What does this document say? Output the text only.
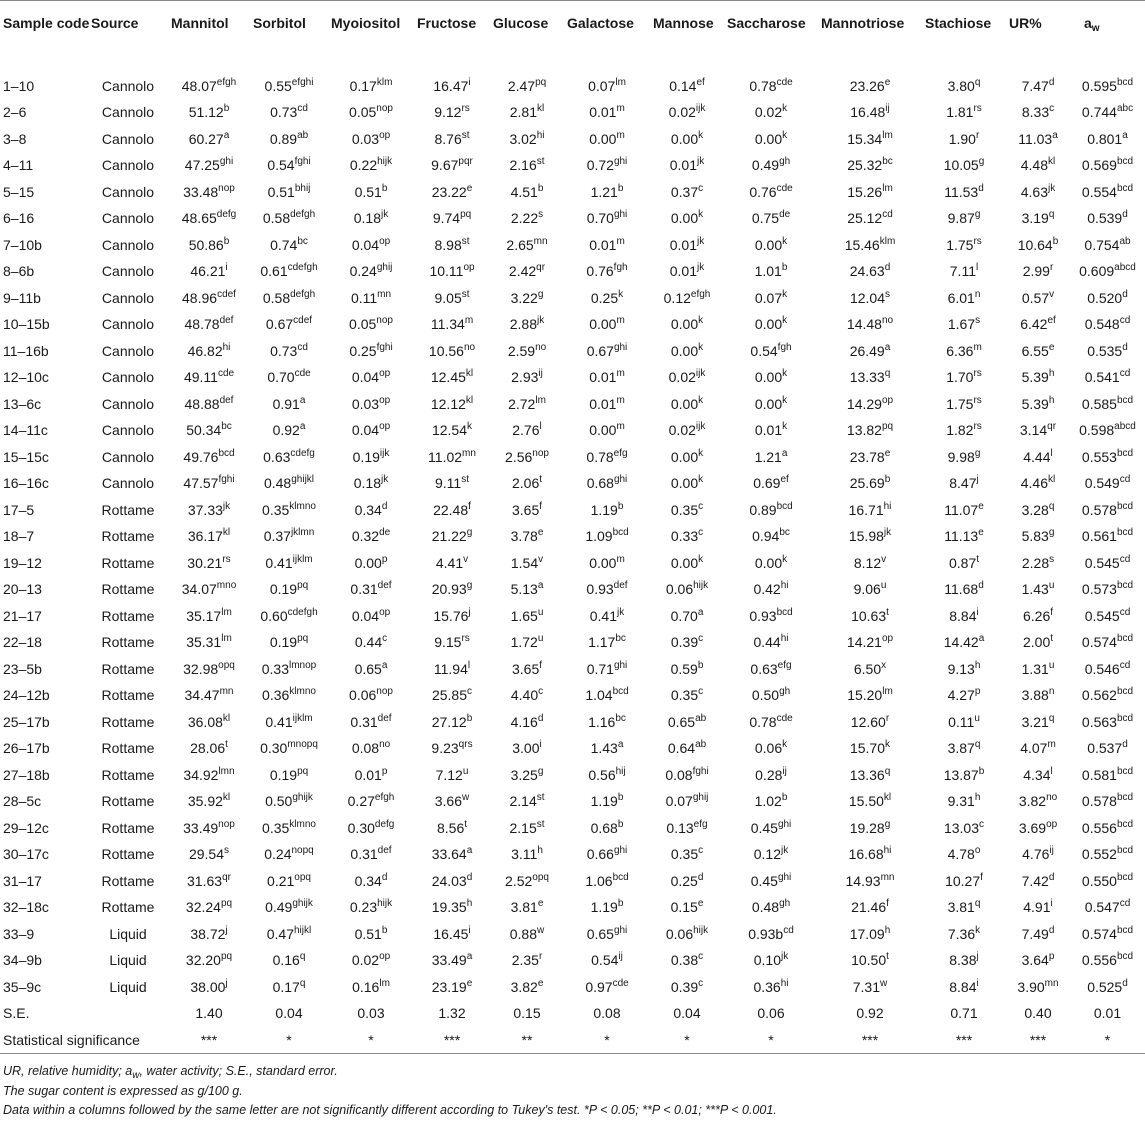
Sample code	Source	Mannitol	Sorbitol	Myoiositol	Fructose	Glucose	Galactose	Mannose	Saccharose	Mannotriose	Stachiose	UR%	$a_w$
1–10	Cannolo	$48.07^{efgh}$	$0.55^{efghi}$	$0.17^{klm}$	16.47$^i$	$2.47^{pq}$	$0.07^{lm}$	0.14$^{ef}$	0.78$^{cde}$	23.26e	3.80$^q$	7.47$^d$	0.595$^{bcd}$
2–6	Cannolo	51.12$^b$	0.73$^{cd}$	$0.05^{nop}$	$9.12^{rs}$	$2.81^{kl}$	0.01$^m$	$0.02^{ijk}$	0.02$^k$	$16.48^{ij}$	$1.81^{rs}$	8.33$^c$	0.744$^{abc}$
3–8	Cannolo	60.27$^a$	0.89$^{ab}$	$0.03^{op}$	8.76st	$3.02^{hi}$	0.00$^m$	0.00$^k$	0.00$^k$	$15.34^{lm}$	1.90$^r$	11.03$^a$	0.801$^a$
4–11	Cannolo	$47.25^{ghi}$	$0.54^{fghi}$	$0.22^{hijk}$	$9.67^{pqr}$	2.16st	$0.72^{ghi}$	$0.01^{jk}$	0.49$^{gh}$	25.32$^{bc}$	10.05$^g$	$4.48^{kl}$	0.569$^{bcd}$
5–15	Cannolo	$33.48^{nop}$	$0.51^{bhij}$	0.51$^b$	23.22e	4.51$^b$	1.21$^b$	0.37$^c$	0.76$^{cde}$	$15.26^{lm}$	11.53$^d$	$4.63^{jk}$	0.554$^{bcd}$
6–16	Cannolo	$48.65^{defg}$	$0.58^{defgh}$	$0.18^{jk}$	$9.74^{pq}$	2.22$^s$	$0.70^{ghi}$	0.00$^k$	0.75de	25.12$^{cd}$	9.87$^g$	3.19$^q$	0.539$^d$
7–10b	Cannolo	50.86$^b$	0.74$^{bc}$	$0.04^{op}$	8.98st	$2.65^{mn}$	0.01$^m$	$0.01^{jk}$	0.00$^k$	$15.46^{klm}$	$1.75^{rs}$	10.64$^b$	0.754$^{ab}$
8–6b	Cannolo	46.21$^i$	$0.61^{cdefgh}$	$0.24^{ghij}$	$10.11^{op}$	$2.42^{qr}$	0.76$^{fgh}$	$0.01^{jk}$	1.01$^b$	24.63$^d$	7.11$^l$	2.99$^r$	$0.609^{abcd}$
9–11b	Cannolo	$48.96^{cdef}$	$0.58^{defgh}$	$0.11^{mn}$	9.05st	3.22$^g$	0.25$^k$	$0.12^{efgh}$	0.07$^k$	12.04$^s$	6.01$^n$	0.57$^v$	0.520$^d$
10–15b	Cannolo	48.78$^{def}$	$0.67^{cdef}$	$0.05^{nop}$	11.34$^m$	$2.88^{jk}$	0.00$^m$	0.00$^k$	0.00$^k$	$14.48^{no}$	1.67$^s$	6.42$^{ef}$	0.548$^{cd}$
11–16b	Cannolo	$46.82^{hi}$	0.73$^{cd}$	$0.25^{fghi}$	$10.56^{no}$	$2.59^{no}$	$0.67^{ghi}$	0.00$^k$	0.54$^{fgh}$	26.49$^a$	6.36$^m$	6.55e	0.535$^d$
12–10c	Cannolo	49.11$^{cde}$	0.70$^{cde}$	$0.04^{op}$	$12.45^{kl}$	$2.93^{ij}$	0.01$^m$	$0.02^{ijk}$	0.00$^k$	13.33$^q$	$1.70^{rs}$	5.39$^h$	0.541$^{cd}$
13–6c	Cannolo	48.88$^{def}$	0.91$^a$	$0.03^{op}$	$12.12^{kl}$	$2.72^{lm}$	0.01$^m$	0.00$^k$	0.00$^k$	$14.29^{op}$	$1.75^{rs}$	5.39$^h$	0.585$^{bcd}$
14–11c	Cannolo	50.34$^{bc}$	0.92$^a$	$0.04^{op}$	12.54$^k$	2.76$^l$	0.00$^m$	$0.02^{ijk}$	0.01$^k$	$13.82^{pq}$	$1.82^{rs}$	$3.14^{qr}$	$0.598^{abcd}$
15–15c	Cannolo	49.76$^{bcd}$	$0.63^{cdefg}$	$0.19^{ijk}$	$11.02^{mn}$	$2.56^{nop}$	0.78$^{efg}$	0.00$^k$	1.21$^a$	23.78e	9.98$^g$	4.44$^l$	0.553$^{bcd}$
16–16c	Cannolo	$47.57^{fghi}$	$0.48^{ghijkl}$	$0.18^{jk}$	9.11st	2.06$^t$	$0.68^{ghi}$	0.00$^k$	0.69$^{ef}$	25.69$^b$	8.47$^j$	$4.46^{kl}$	0.549$^{cd}$
17–5	Rottame	$37.33^{jk}$	$0.35^{klmno}$	0.34$^d$	22.48$^f$	3.65$^f$	1.19$^b$	0.35$^c$	0.89$^{bcd}$	$16.71^{hi}$	11.07e	3.28$^q$	0.578$^{bcd}$
18–7	Rottame	$36.17^{kl}$	$0.37^{jklmn}$	0.32de	21.22$^g$	3.78e	1.09$^{bcd}$	0.33$^c$	0.94$^{bc}$	$15.98^{jk}$	11.13e	5.83$^g$	0.561$^{bcd}$
19–12	Rottame	$30.21^{rs}$	$0.41^{ijklm}$	0.00$^p$	4.41$^v$	1.54$^v$	0.00$^m$	0.00$^k$	0.00$^k$	8.12$^v$	0.87$^t$	2.28$^s$	0.545$^{cd}$
20–13	Rottame	$34.07^{mno}$	$0.19^{pq}$	0.31$^{def}$	20.93$^g$	5.13$^a$	0.93$^{def}$	$0.06^{hijk}$	$0.42^{hi}$	9.06$^u$	11.68$^d$	1.43$^u$	0.573$^{bcd}$
21–17	Rottame	$35.17^{lm}$	$0.60^{cdefgh}$	$0.04^{op}$	15.76$^j$	1.65$^u$	$0.41^{jk}$	0.70$^a$	0.93$^{bcd}$	10.63$^t$	8.84$^i$	6.26$^f$	0.545$^{cd}$
22–18	Rottame	$35.31^{lm}$	$0.19^{pq}$	0.44$^c$	$9.15^{rs}$	1.72$^u$	1.17$^{bc}$	0.39$^c$	$0.44^{hi}$	$14.21^{op}$	14.42$^a$	2.00$^t$	0.574$^{bcd}$
23–5b	Rottame	$32.98^{opq}$	$0.33^{lmnop}$	0.65$^a$	11.94$^l$	3.65$^f$	$0.71^{ghi}$	0.59$^b$	0.63$^{efg}$	6.50$^x$	9.13$^h$	1.31$^u$	0.546$^{cd}$
24–12b	Rottame	$34.47^{mn}$	$0.36^{klmno}$	$0.06^{nop}$	25.85$^c$	4.40$^c$	1.04$^{bcd}$	0.35$^c$	0.50$^{gh}$	$15.20^{lm}$	4.27$^p$	3.88$^n$	0.562$^{bcd}$
25–17b	Rottame	$36.08^{kl}$	$0.41^{ijklm}$	0.31$^{def}$	27.12$^b$	4.16$^d$	1.16$^{bc}$	0.65$^{ab}$	0.78$^{cde}$	12.60$^r$	0.11$^u$	3.21$^q$	0.563$^{bcd}$
26–17b	Rottame	28.06$^t$	$0.30^{mnopq}$	$0.08^{no}$	$9.23^{qrs}$	3.00$^i$	1.43$^a$	0.64$^{ab}$	0.06$^k$	15.70$^k$	3.87$^q$	4.07$^m$	0.537$^d$
27–18b	Rottame	$34.92^{lmn}$	$0.19^{pq}$	0.01$^p$	7.12$^u$	3.25$^g$	$0.56^{hij}$	$0.08^{fghi}$	$0.28^{ij}$	13.36$^q$	13.87$^b$	4.34$^l$	0.581$^{bcd}$
28–5c	Rottame	$35.92^{kl}$	$0.50^{ghijk}$	$0.27^{efgh}$	3.66$^w$	2.14st	1.19$^b$	$0.07^{ghij}$	1.02$^b$	$15.50^{kl}$	9.31$^h$	$3.82^{no}$	0.578$^{bcd}$
29–12c	Rottame	$33.49^{nop}$	$0.35^{klmno}$	$0.30^{defg}$	8.56$^t$	2.15st	0.68$^b$	0.13$^{efg}$	$0.45^{ghi}$	19.28$^g$	13.03$^c$	$3.69^{op}$	0.556$^{bcd}$
30–17c	Rottame	29.54$^s$	$0.24^{nopq}$	0.31$^{def}$	33.64$^a$	3.11$^h$	$0.66^{ghi}$	0.35$^c$	$0.12^{jk}$	$16.68^{hi}$	4.78$^o$	$4.76^{ij}$	0.552$^{bcd}$
31–17	Rottame	$31.63^{qr}$	$0.21^{opq}$	0.34$^d$	24.03$^d$	$2.52^{opq}$	1.06$^{bcd}$	0.25$^d$	$0.45^{ghi}$	$14.93^{mn}$	10.27$^f$	7.42$^d$	0.550$^{bcd}$
32–18c	Rottame	$32.24^{pq}$	$0.49^{ghijk}$	$0.23^{hijk}$	19.35$^h$	3.81e	1.19$^b$	0.15e	0.48$^{gh}$	21.46$^f$	3.81$^q$	4.91$^i$	0.547$^{cd}$
33–9	Liquid	38.72$^j$	$0.47^{hijkl}$	0.51$^b$	16.45$^i$	0.88$^w$	$0.65^{ghi}$	$0.06^{hijk}$	$0.93b^{cd}$	17.09$^h$	7.36$^k$	7.49$^d$	0.574$^{bcd}$
34–9b	Liquid	$32.20^{pq}$	0.16$^q$	$0.02^{op}$	33.49$^a$	2.35$^r$	$0.54^{ij}$	0.38$^c$	$0.10^{jk}$	10.50$^t$	8.38$^j$	3.64$^p$	0.556$^{bcd}$
35–9c	Liquid	38.00$^j$	0.17$^q$	$0.16^{lm}$	23.19e	3.82e	0.97$^{cde}$	0.39$^c$	$0.36^{hi}$	7.31$^w$	8.84$^i$	$3.90^{mn}$	0.525$^d$
S.E.		1.40	0.04	0.03	1.32	0.15	0.08	0.04	0.06	0.92	0.71	0.40	0.01
Statistical significance		***	*	*	***	**	*	*	*	***	***	***	*
UR, relative humidity; $a_w$, water activity; S.E., standard error.
The sugar content is expressed as g/100 g.
Data within a columns followed by the same letter are not significantly different according to Tukey's test. *P < 0.05; **P < 0.01; ***P < 0.001.
